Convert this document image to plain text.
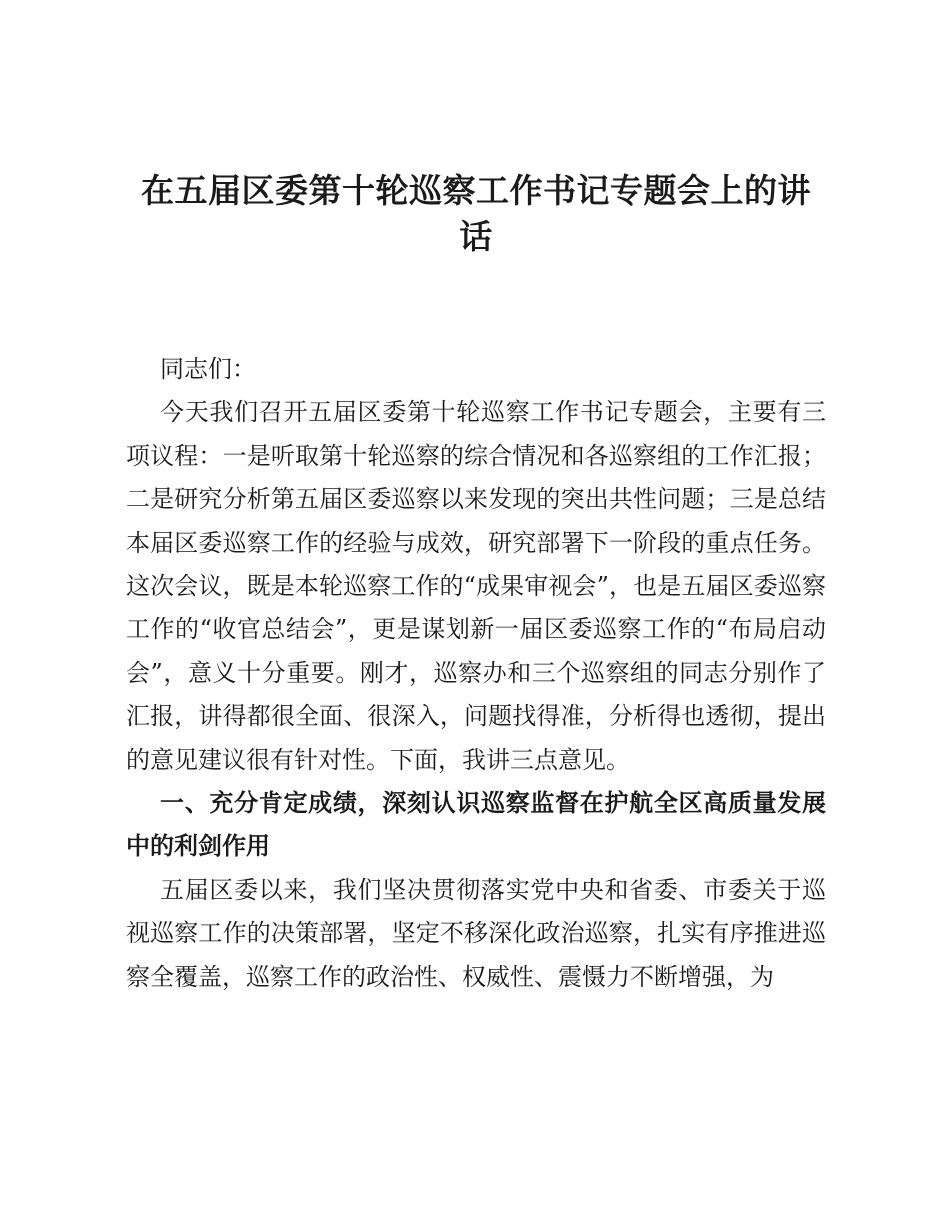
在五届区委第十轮巡察工作书记专题会上的讲话

同志们：

今天我们召开五届区委第十轮巡察工作书记专题会，主要有三项议程：一是听取第十轮巡察的综合情况和各巡察组的工作汇报；二是研究分析第五届区委巡察以来发现的突出共性问题；三是总结本届区委巡察工作的经验与成效，研究部署下一阶段的重点任务。这次会议，既是本轮巡察工作的“成果审视会”，也是五届区委巡察工作的“收官总结会”，更是谋划新一届区委巡察工作的“布局启动会”，意义十分重要。刚才，巡察办和三个巡察组的同志分别作了汇报，讲得都很全面、很深入，问题找得准，分析得也透彻，提出的意见建议很有针对性。下面，我讲三点意见。

一、充分肯定成绩，深刻认识巡察监督在护航全区高质量发展中的利剑作用

五届区委以来，我们坚决贯彻落实党中央和省委、市委关于巡视巡察工作的决策部署，坚定不移深化政治巡察，扎实有序推进巡察全覆盖，巡察工作的政治性、权威性、震慑力不断增强，为
